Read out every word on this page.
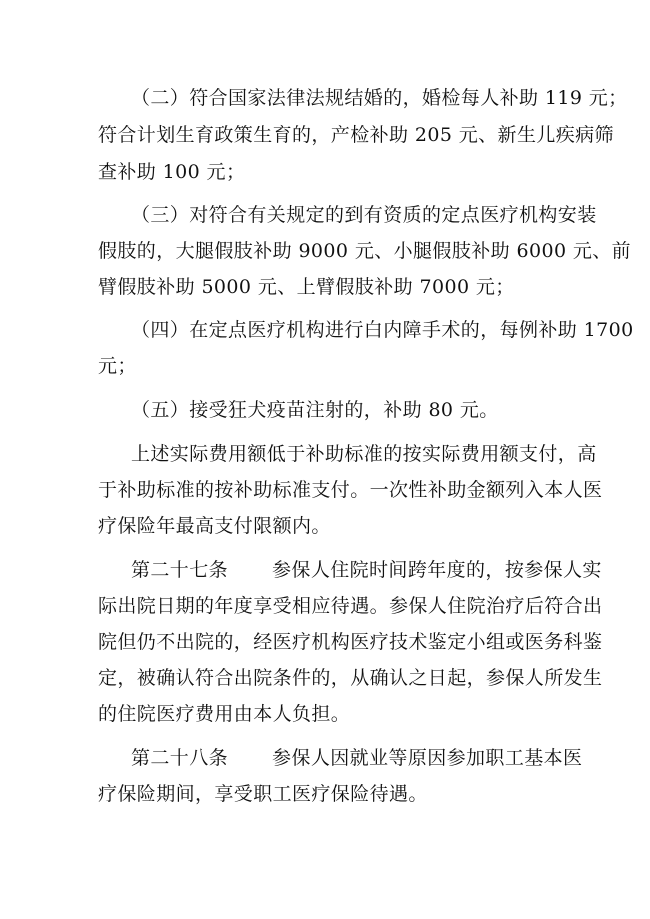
（二）符合国家法律法规结婚的，婚检每人补助 119 元；
符合计划生育政策生育的，产检补助 205 元、新生儿疾病筛
查补助 100 元；
（三）对符合有关规定的到有资质的定点医疗机构安装
假肢的，大腿假肢补助 9000 元、小腿假肢补助 6000 元、前
臂假肢补助 5000 元、上臂假肢补助 7000 元；
（四）在定点医疗机构进行白内障手术的，每例补助 1700
元；
（五）接受狂犬疫苗注射的，补助 80 元。
上述实际费用额低于补助标准的按实际费用额支付，高
于补助标准的按补助标准支付。一次性补助金额列入本人医
疗保险年最高支付限额内。
第二十七条 参保人住院时间跨年度的，按参保人实
际出院日期的年度享受相应待遇。参保人住院治疗后符合出
院但仍不出院的，经医疗机构医疗技术鉴定小组或医务科鉴
定，被确认符合出院条件的，从确认之日起，参保人所发生
的住院医疗费用由本人负担。
第二十八条 参保人因就业等原因参加职工基本医
疗保险期间，享受职工医疗保险待遇。
